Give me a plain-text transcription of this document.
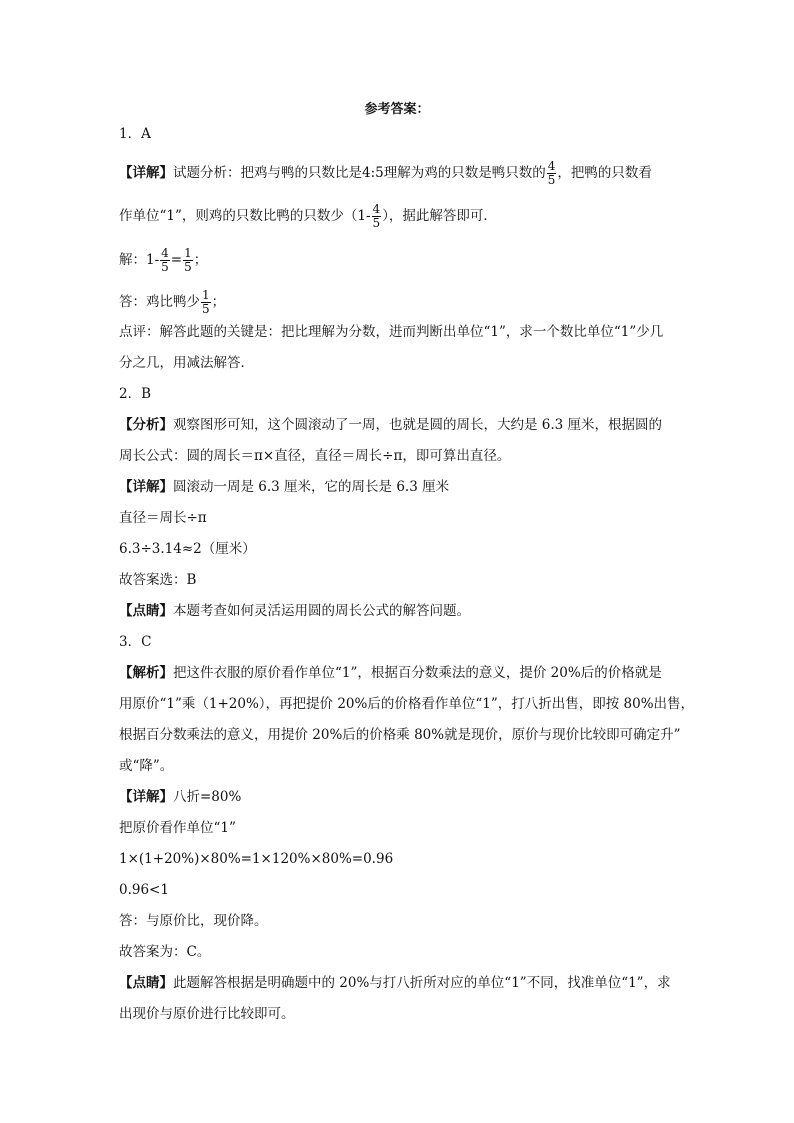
参考答案：
1．A
【详解】试题分析：把鸡与鸭的只数比是4:5理解为鸡的只数是鸭只数的 $\frac{4}{5}$ ，把鸭的只数看
作单位“1”，则鸡的只数比鸭的只数少（$1- \frac{4}{5}$ ），据此解答即可．
解：$1- \frac{4}{5} = \frac{1}{5}$ ；
答：鸡比鸭少 $\frac{1}{5}$ ；
点评：解答此题的关键是：把比理解为分数，进而判断出单位“1”，求一个数比单位“1”少几
分之几，用减法解答．
2．B
【分析】观察图形可知，这个圆滚动了一周，也就是圆的周长，大约是 6.3 厘米，根据圆的
周长公式：圆的周长＝π×直径，直径＝周长÷π，即可算出直径。
【详解】圆滚动一周是 6.3 厘米，它的周长是 6.3 厘米
直径＝周长÷π
6.3÷3.14≈2（厘米）
故答案选：B
【点睛】本题考查如何灵活运用圆的周长公式的解答问题。
3．C
【解析】把这件衣服的原价看作单位“1”，根据百分数乘法的意义，提价 20%后的价格就是
用原价“1”乘（1+20%），再把提价 20%后的价格看作单位“1”，打八折出售，即按 80%出售，
根据百分数乘法的意义，用提价 20%后的价格乘 80%就是现价，原价与现价比较即可确定升”
或“降”。
【详解】八折=80%
把原价看作单位“1”
1×(1+20%)×80%=1×120%×80%=0.96
0.96<1
答：与原价比，现价降。
故答案为：C。
【点睛】此题解答根据是明确题中的 20%与打八折所对应的单位“1”不同，找准单位“1”，求
出现价与原价进行比较即可。
